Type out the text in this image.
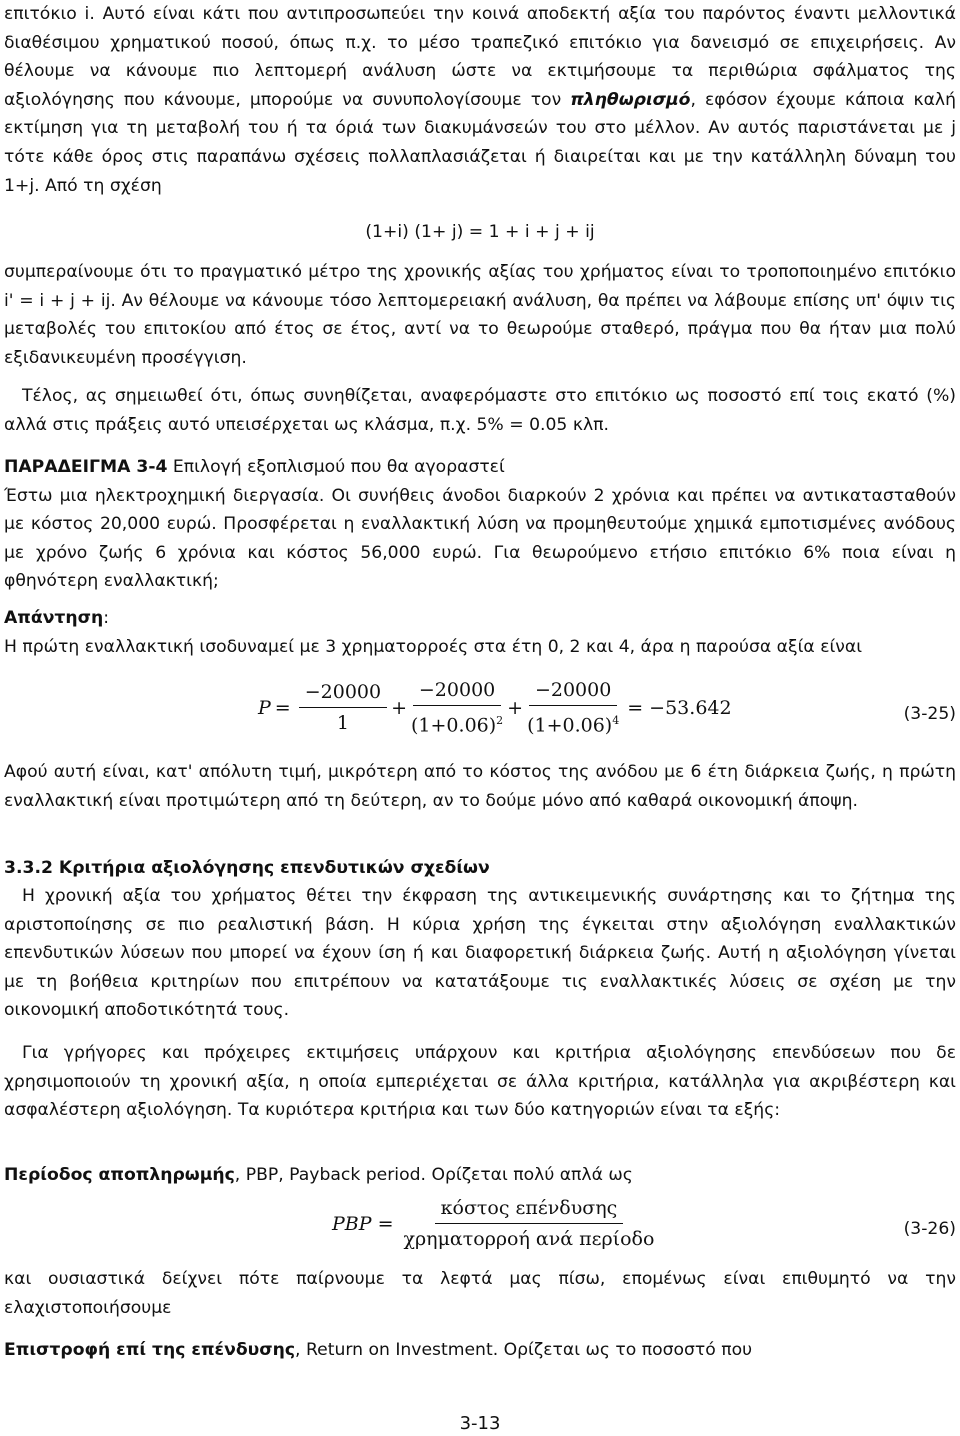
επιτόκιο i. Αυτό είναι κάτι που αντιπροσωπεύει την κοινά αποδεκτή αξία του παρόντος έναντι μελλοντικά διαθέσιμου χρηματικού ποσού, όπως π.χ. το μέσο τραπεζικό επιτόκιο για δανεισμό σε επιχειρήσεις. Αν θέλουμε να κάνουμε πιο λεπτομερή ανάλυση ώστε να εκτιμήσουμε τα περιθώρια σφάλματος της αξιολόγησης που κάνουμε, μπορούμε να συνυπολογίσουμε τον πληθωρισμό, εφόσον έχουμε κάποια καλή εκτίμηση για τη μεταβολή του ή τα όριά των διακυμάνσεών του στο μέλλον. Αν αυτός παριστάνεται με j τότε κάθε όρος στις παραπάνω σχέσεις πολλαπλασιάζεται ή διαιρείται και με την κατάλληλη δύναμη του 1+j. Από τη σχέση

(1+i) (1+ j) = 1 + i + j + ij

συμπεραίνουμε ότι το πραγματικό μέτρο της χρονικής αξίας του χρήματος είναι το τροποποιημένο επιτόκιο i' = i + j + ij. Αν θέλουμε να κάνουμε τόσο λεπτομερειακή ανάλυση, θα πρέπει να λάβουμε επίσης υπ' όψιν τις μεταβολές του επιτοκίου από έτος σε έτος, αντί να το θεωρούμε σταθερό, πράγμα που θα ήταν μια πολύ εξιδανικευμένη προσέγγιση.

Τέλος, ας σημειωθεί ότι, όπως συνηθίζεται, αναφερόμαστε στο επιτόκιο ως ποσοστό επί τοις εκατό (%) αλλά στις πράξεις αυτό υπεισέρχεται ως κλάσμα, π.χ. 5% = 0.05 κλπ.

ΠΑΡΑΔΕΙΓΜΑ 3-4 Επιλογή εξοπλισμού που θα αγοραστεί
Έστω μια ηλεκτροχημική διεργασία. Οι συνήθεις άνοδοι διαρκούν 2 χρόνια και πρέπει να αντικατασταθούν με κόστος 20,000 ευρώ. Προσφέρεται η εναλλακτική λύση να προμηθευτούμε χημικά εμποτισμένες ανόδους με χρόνο ζωής 6 χρόνια και κόστος 56,000 ευρώ. Για θεωρούμενο ετήσιο επιτόκιο 6% ποια είναι η φθηνότερη εναλλακτική;

Απάντηση:
Η πρώτη εναλλακτική ισοδυναμεί με 3 χρηματορροές στα έτη 0, 2 και 4, άρα η παρούσα αξία είναι

$P = \frac{-20000}{1} + \frac{-20000}{(1+0.06)^2} + \frac{-20000}{(1+0.06)^4} = -53.642$	(3-25)

Αφού αυτή είναι, κατ' απόλυτη τιμή, μικρότερη από το κόστος της ανόδου με 6 έτη διάρκεια ζωής, η πρώτη εναλλακτική είναι προτιμώτερη από τη δεύτερη, αν το δούμε μόνο από καθαρά οικονομική άποψη.

3.3.2 Κριτήρια αξιολόγησης επενδυτικών σχεδίων

Η χρονική αξία του χρήματος θέτει την έκφραση της αντικειμενικής συνάρτησης και το ζήτημα της αριστοποίησης σε πιο ρεαλιστική βάση. Η κύρια χρήση της έγκειται στην αξιολόγηση εναλλακτικών επενδυτικών λύσεων που μπορεί να έχουν ίση ή και διαφορετική διάρκεια ζωής. Αυτή η αξιολόγηση γίνεται με τη βοήθεια κριτηρίων που επιτρέπουν να κατατάξουμε τις εναλλακτικές λύσεις σε σχέση με την οικονομική αποδοτικότητά τους.

Για γρήγορες και πρόχειρες εκτιμήσεις υπάρχουν και κριτήρια αξιολόγησης επενδύσεων που δε χρησιμοποιούν τη χρονική αξία, η οποία εμπεριέχεται σε άλλα κριτήρια, κατάλληλα για ακριβέστερη και ασφαλέστερη αξιολόγηση. Τα κυριότερα κριτήρια και των δύο κατηγοριών είναι τα εξής:

Περίοδος αποπληρωμής, PBP, Payback period. Ορίζεται πολύ απλά ως

PBP = $\frac{\text{κόστος επένδυσης}}{\text{χρηματορροή ανά περίοδο}}$	(3-26)

και ουσιαστικά δείχνει πότε παίρνουμε τα λεφτά μας πίσω, επομένως είναι επιθυμητό να την ελαχιστοποιήσουμε

Επιστροφή επί της επένδυσης, Return on Investment. Ορίζεται ως το ποσοστό που

3-13
